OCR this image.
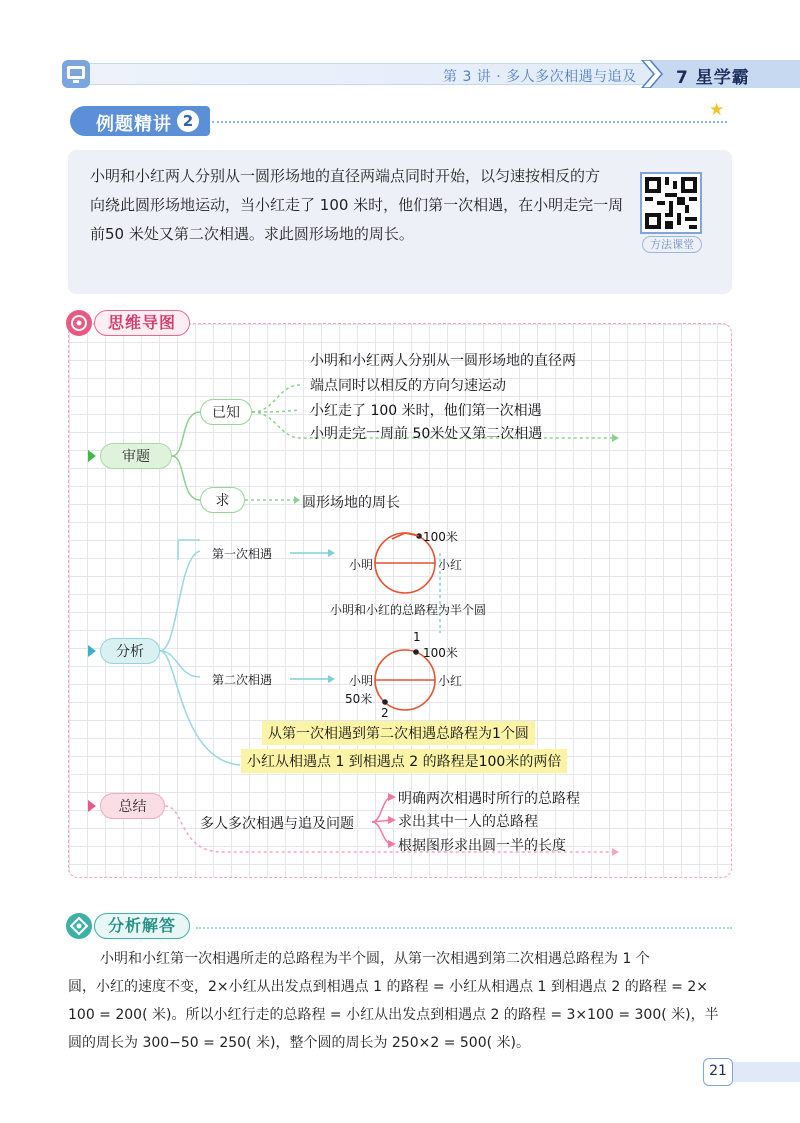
第 3 讲 · 多人多次相遇与追及 7 星学霸
例题精讲 2
★
小明和小红两人分别从一圆形场地的直径两端点同时开始，以匀速按相反的方
向绕此圆形场地运动，当小红走了 100 米时，他们第一次相遇，在小明走完一周
前50 米处又第二次相遇。求此圆形场地的周长。
方法课堂
思维导图
审题
已知
求
分析
总结
小明和小红两人分别从一圆形场地的直径两
端点同时以相反的方向匀速运动
小红走了 100 米时，他们第一次相遇
小明走完一周前 50米处又第二次相遇
圆形场地的周长
第一次相遇
第二次相遇
100米
小明	小红
小明和小红的总路程为半个圆
1
100米
小明	小红
50米
2
从第一次相遇到第二次相遇总路程为1个圆
小红从相遇点 1 到相遇点 2 的路程是100米的两倍
多人多次相遇与追及问题
明确两次相遇时所行的总路程
求出其中一人的总路程
根据图形求出圆一半的长度
分析解答
小明和小红第一次相遇所走的总路程为半个圆，从第一次相遇到第二次相遇总路程为 1 个
圆，小红的速度不变，2×小红从出发点到相遇点 1 的路程 = 小红从相遇点 1 到相遇点 2 的路程 = 2×
100 = 200( 米)。所以小红行走的总路程 = 小红从出发点到相遇点 2 的路程 = 3×100 = 300( 米)，半
圆的周长为 300−50 = 250( 米)，整个圆的周长为 250×2 = 500( 米)。
21
